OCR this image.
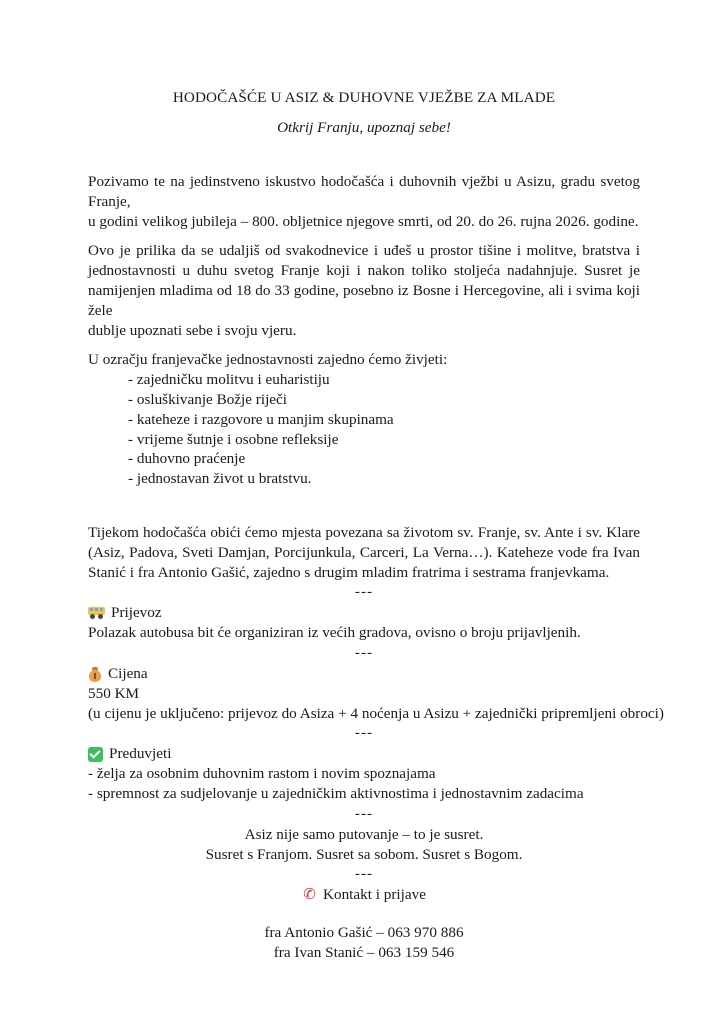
HODOČAŠĆE U ASIZ & DUHOVNE VJEŽBE ZA MLADE
Otkrij Franju, upoznaj sebe!
Pozivamo te na jedinstveno iskustvo hodočašća i duhovnih vježbi u Asizu, gradu svetog Franje,
u godini velikog jubileja – 800. obljetnice njegove smrti, od 20. do 26. rujna 2026. godine.
Ovo je prilika da se udaljiš od svakodnevice i uđeš u prostor tišine i molitve, bratstva i
jednostavnosti u duhu svetog Franje koji i nakon toliko stoljeća nadahnjuje. Susret je
namijenjen mladima od 18 do 33 godine, posebno iz Bosne i Hercegovine, ali i svima koji žele
dublje upoznati sebe i svoju vjeru.
U ozračju franjevačke jednostavnosti zajedno ćemo živjeti:
- zajedničku molitvu i euharistiju
- osluškivanje Božje riječi
- kateheze i razgovore u manjim skupinama
- vrijeme šutnje i osobne refleksije
- duhovno praćenje
- jednostavan život u bratstvu.
Tijekom hodočašća obići ćemo mjesta povezana sa životom sv. Franje, sv. Ante i sv. Klare
(Asiz, Padova, Sveti Damjan, Porcijunkula, Carceri, La Verna…). Kateheze vode fra Ivan
Stanić i fra Antonio Gašić, zajedno s drugim mladim fratrima i sestrama franjevkama.
---
Prijevoz
Polazak autobusa bit će organiziran iz većih gradova, ovisno o broju prijavljenih.
---
Cijena
550 KM
(u cijenu je uključeno: prijevoz do Asiza + 4 noćenja u Asizu + zajednički pripremljeni obroci)
---
Preduvjeti
- želja za osobnim duhovnim rastom i novim spoznajama
- spremnost za sudjelovanje u zajedničkim aktivnostima i jednostavnim zadacima
---
Asiz nije samo putovanje – to je susret.
Susret s Franjom. Susret sa sobom. Susret s Bogom.
---
✆ Kontakt i prijave
fra Antonio Gašić – 063 970 886
fra Ivan Stanić – 063 159 546
